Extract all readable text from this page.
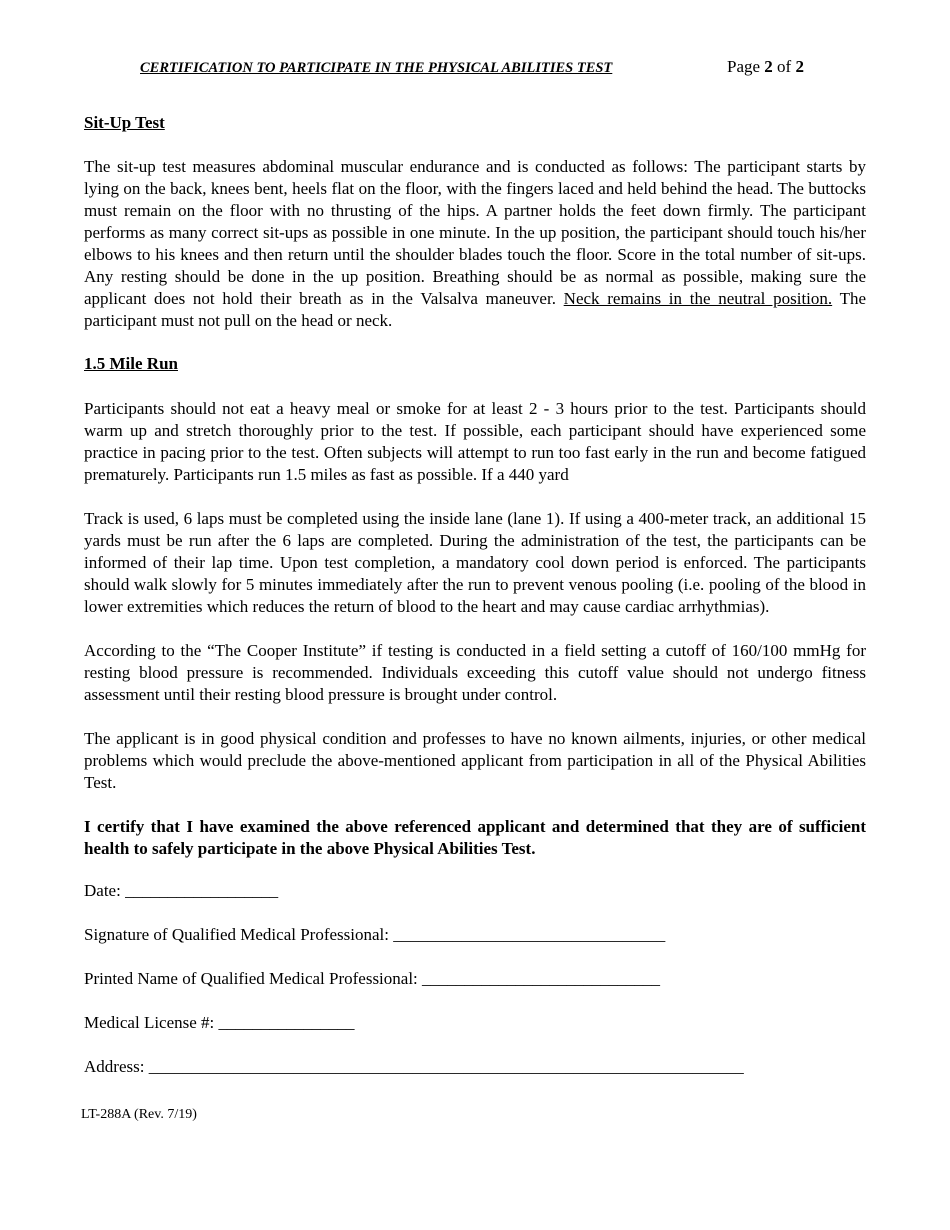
CERTIFICATION TO PARTICIPATE IN THE PHYSICAL ABILITIES TEST	Page 2 of 2
Sit-Up Test
The sit-up test measures abdominal muscular endurance and is conducted as follows: The participant starts by lying on the back, knees bent, heels flat on the floor, with the fingers laced and held behind the head. The buttocks must remain on the floor with no thrusting of the hips. A partner holds the feet down firmly. The participant performs as many correct sit-ups as possible in one minute. In the up position, the participant should touch his/her elbows to his knees and then return until the shoulder blades touch the floor. Score in the total number of sit-ups. Any resting should be done in the up position. Breathing should be as normal as possible, making sure the applicant does not hold their breath as in the Valsalva maneuver. Neck remains in the neutral position. The participant must not pull on the head or neck.
1.5 Mile Run
Participants should not eat a heavy meal or smoke for at least 2 - 3 hours prior to the test. Participants should warm up and stretch thoroughly prior to the test. If possible, each participant should have experienced some practice in pacing prior to the test. Often subjects will attempt to run too fast early in the run and become fatigued prematurely. Participants run 1.5 miles as fast as possible. If a 440 yard
Track is used, 6 laps must be completed using the inside lane (lane 1). If using a 400-meter track, an additional 15 yards must be run after the 6 laps are completed. During the administration of the test, the participants can be informed of their lap time. Upon test completion, a mandatory cool down period is enforced. The participants should walk slowly for 5 minutes immediately after the run to prevent venous pooling (i.e. pooling of the blood in lower extremities which reduces the return of blood to the heart and may cause cardiac arrhythmias).
According to the “The Cooper Institute” if testing is conducted in a field setting a cutoff of 160/100 mmHg for resting blood pressure is recommended. Individuals exceeding this cutoff value should not undergo fitness assessment until their resting blood pressure is brought under control.
The applicant is in good physical condition and professes to have no known ailments, injuries, or other medical problems which would preclude the above-mentioned applicant from participation in all of the Physical Abilities Test.
I certify that I have examined the above referenced applicant and determined that they are of sufficient health to safely participate in the above Physical Abilities Test.
Date: __________________
Signature of Qualified Medical Professional: ________________________________
Printed Name of Qualified Medical Professional: ____________________________
Medical License #: ________________
Address: ______________________________________________________________________
LT-288A (Rev. 7/19)
